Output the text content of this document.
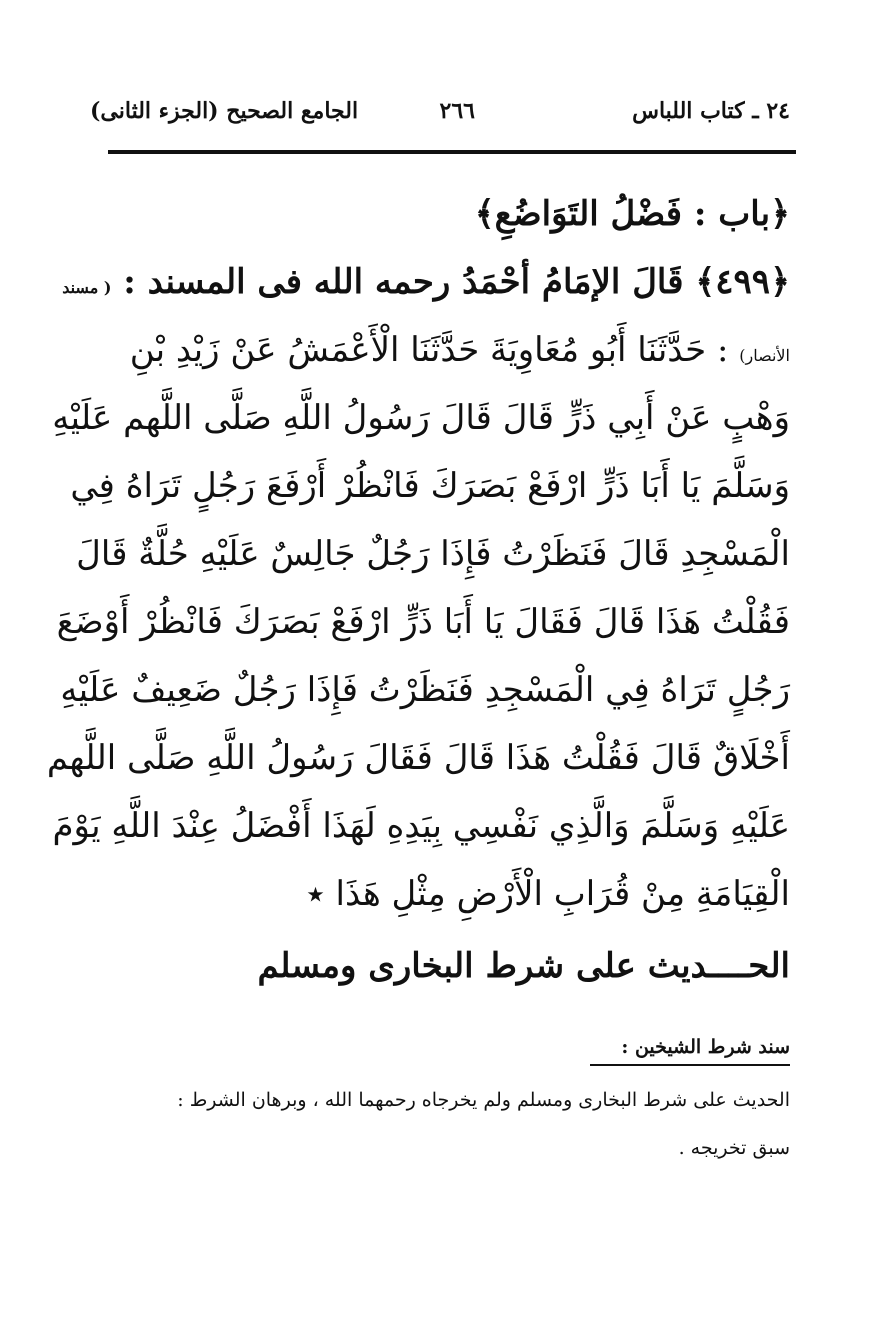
٢٤ ـ كتاب اللباس
٢٦٦
الجامع الصحيح (الجزء الثانى)
﴿باب : فَضْلُ التَوَاضُعِ﴾
﴿٤٩٩﴾ قَالَ الإمَامُ أحْمَدُ رحمه الله فى المسند : ( مسند
الأنصار) : حَدَّثَنَا أَبُو مُعَاوِيَةَ حَدَّثَنَا الْأَعْمَشُ عَنْ زَيْدِ بْنِ
وَهْبٍ عَنْ أَبِي ذَرٍّ قَالَ قَالَ رَسُولُ اللَّهِ صَلَّى اللَّهم عَلَيْهِ
وَسَلَّمَ يَا أَبَا ذَرٍّ ارْفَعْ بَصَرَكَ فَانْظُرْ أَرْفَعَ رَجُلٍ تَرَاهُ فِي
الْمَسْجِدِ قَالَ فَنَظَرْتُ فَإِذَا رَجُلٌ جَالِسٌ عَلَيْهِ حُلَّةٌ قَالَ
فَقُلْتُ هَذَا قَالَ فَقَالَ يَا أَبَا ذَرٍّ ارْفَعْ بَصَرَكَ فَانْظُرْ أَوْضَعَ
رَجُلٍ تَرَاهُ فِي الْمَسْجِدِ فَنَظَرْتُ فَإِذَا رَجُلٌ ضَعِيفٌ عَلَيْهِ
أَخْلَاقٌ قَالَ فَقُلْتُ هَذَا قَالَ فَقَالَ رَسُولُ اللَّهِ صَلَّى اللَّهم
عَلَيْهِ وَسَلَّمَ وَالَّذِي نَفْسِي بِيَدِهِ لَهَذَا أَفْضَلُ عِنْدَ اللَّهِ يَوْمَ
الْقِيَامَةِ مِنْ قُرَابِ الْأَرْضِ مِثْلِ هَذَا ٭
الحــــديث على شرط البخارى ومسلم
سند شرط الشيخين :
الحديث على شرط البخارى ومسلم ولم يخرجاه رحمهما الله ، وبرهان الشرط :
سبق تخريجه .
